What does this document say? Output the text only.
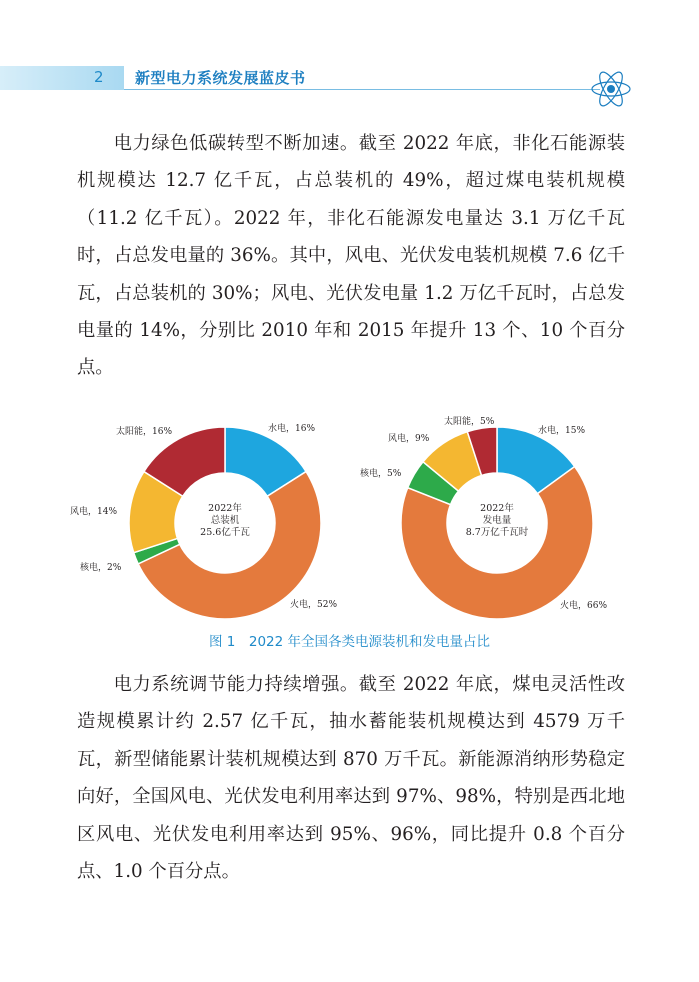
2 新型电力系统发展蓝皮书

电力绿色低碳转型不断加速。截至 2022 年底，非化石能源装机规模达 12.7 亿千瓦，占总装机的 49%，超过煤电装机规模（11.2 亿千瓦）。2022 年，非化石能源发电量达 3.1 万亿千瓦时，占总发电量的 36%。其中，风电、光伏发电装机规模 7.6 亿千瓦，占总装机的 30%；风电、光伏发电量 1.2 万亿千瓦时，占总发电量的 14%，分别比 2010 年和 2015 年提升 13 个、10 个百分点。

水电，16%
火电，52%
核电，2%
风电，14%
太阳能，16%
2022年
总装机
25.6亿千瓦
水电，15%
火电，66%
核电，5%
风电，9%
太阳能，5%
2022年
发电量
8.7万亿千瓦时
图 1　2022 年全国各类电源装机和发电量占比

电力系统调节能力持续增强。截至 2022 年底，煤电灵活性改造规模累计约 2.57 亿千瓦，抽水蓄能装机规模达到 4579 万千瓦，新型储能累计装机规模达到 870 万千瓦。新能源消纳形势稳定向好，全国风电、光伏发电利用率达到 97%、98%，特别是西北地区风电、光伏发电利用率达到 95%、96%，同比提升 0.8 个百分点、1.0 个百分点。
